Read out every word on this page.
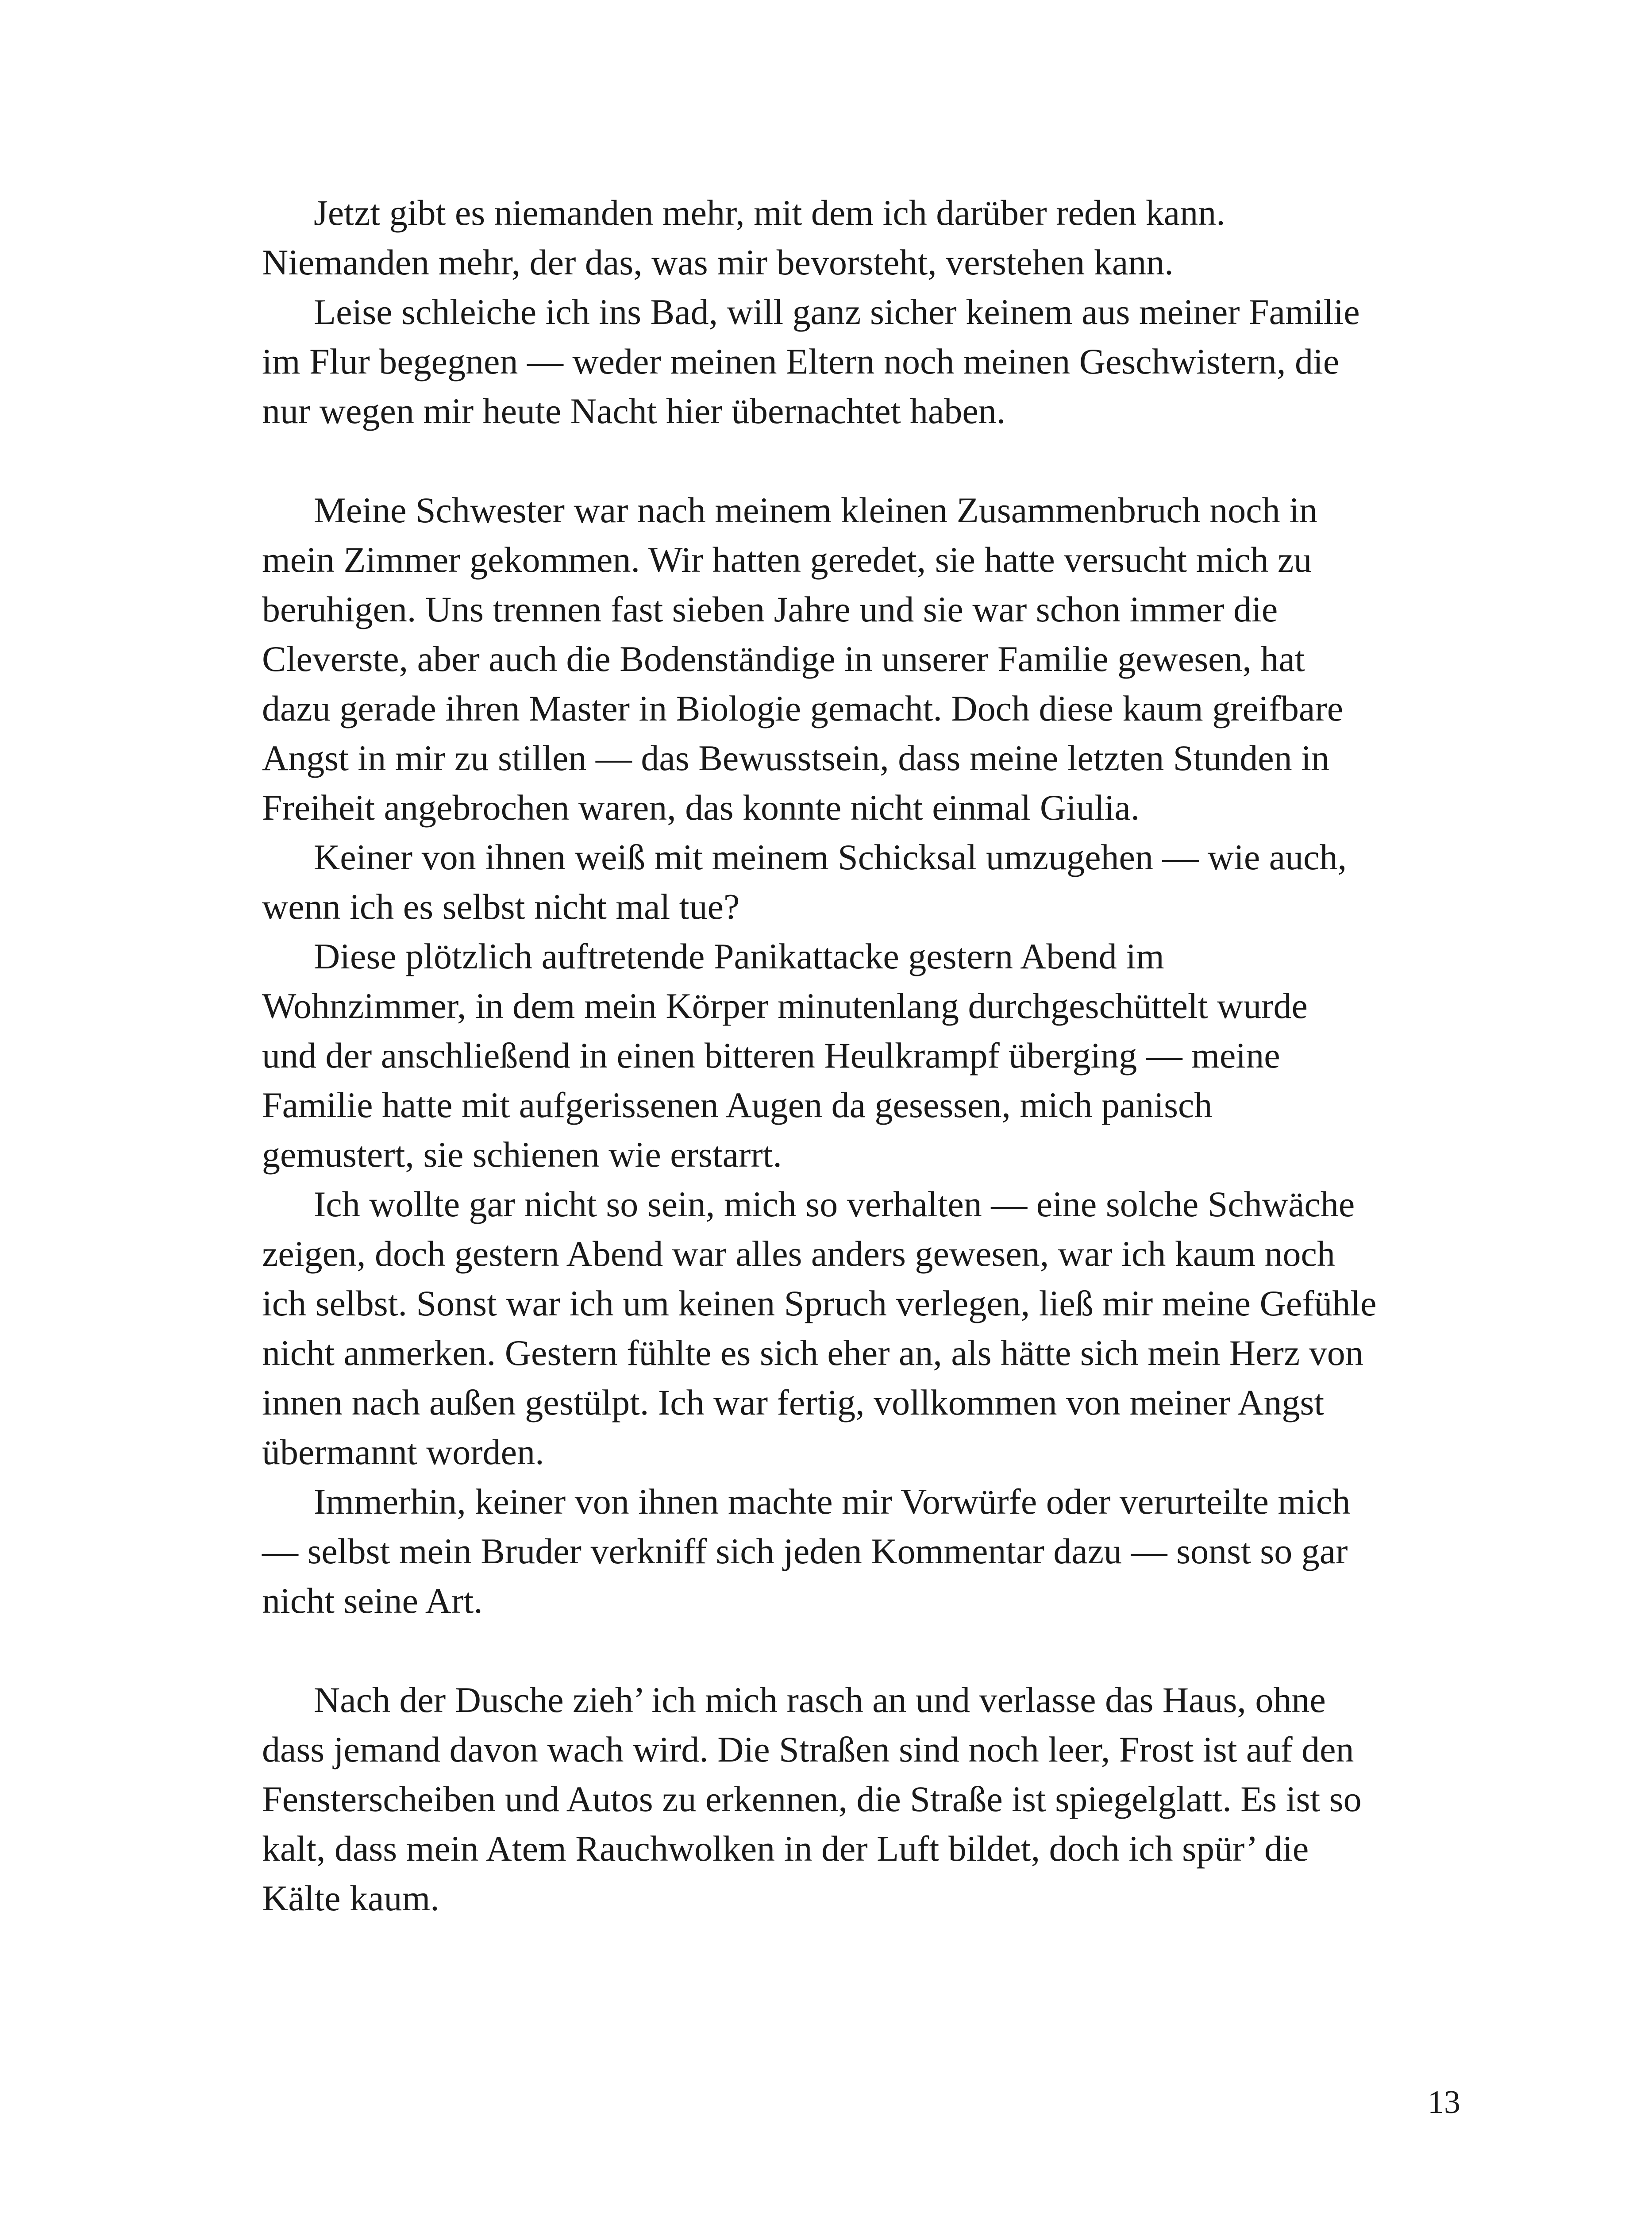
Jetzt gibt es niemanden mehr, mit dem ich darüber reden kann.
Niemanden mehr, der das, was mir bevorsteht, verstehen kann.

Leise schleiche ich ins Bad, will ganz sicher keinem aus meiner Familie
im Flur begegnen — weder meinen Eltern noch meinen Geschwistern, die
nur wegen mir heute Nacht hier übernachtet haben.

Meine Schwester war nach meinem kleinen Zusammenbruch noch in
mein Zimmer gekommen. Wir hatten geredet, sie hatte versucht mich zu
beruhigen. Uns trennen fast sieben Jahre und sie war schon immer die
Cleverste, aber auch die Bodenständige in unserer Familie gewesen, hat
dazu gerade ihren Master in Biologie gemacht. Doch diese kaum greifbare
Angst in mir zu stillen — das Bewusstsein, dass meine letzten Stunden in
Freiheit angebrochen waren, das konnte nicht einmal Giulia.

Keiner von ihnen weiß mit meinem Schicksal umzugehen — wie auch,
wenn ich es selbst nicht mal tue?

Diese plötzlich auftretende Panikattacke gestern Abend im
Wohnzimmer, in dem mein Körper minutenlang durchgeschüttelt wurde
und der anschließend in einen bitteren Heulkrampf überging — meine
Familie hatte mit aufgerissenen Augen da gesessen, mich panisch
gemustert, sie schienen wie erstarrt.

Ich wollte gar nicht so sein, mich so verhalten — eine solche Schwäche
zeigen, doch gestern Abend war alles anders gewesen, war ich kaum noch
ich selbst. Sonst war ich um keinen Spruch verlegen, ließ mir meine Gefühle
nicht anmerken. Gestern fühlte es sich eher an, als hätte sich mein Herz von
innen nach außen gestülpt. Ich war fertig, vollkommen von meiner Angst
übermannt worden.

Immerhin, keiner von ihnen machte mir Vorwürfe oder verurteilte mich
— selbst mein Bruder verkniff sich jeden Kommentar dazu — sonst so gar
nicht seine Art.

Nach der Dusche zieh’ ich mich rasch an und verlasse das Haus, ohne
dass jemand davon wach wird. Die Straßen sind noch leer, Frost ist auf den
Fensterscheiben und Autos zu erkennen, die Straße ist spiegelglatt. Es ist so
kalt, dass mein Atem Rauchwolken in der Luft bildet, doch ich spür’ die
Kälte kaum.

13
